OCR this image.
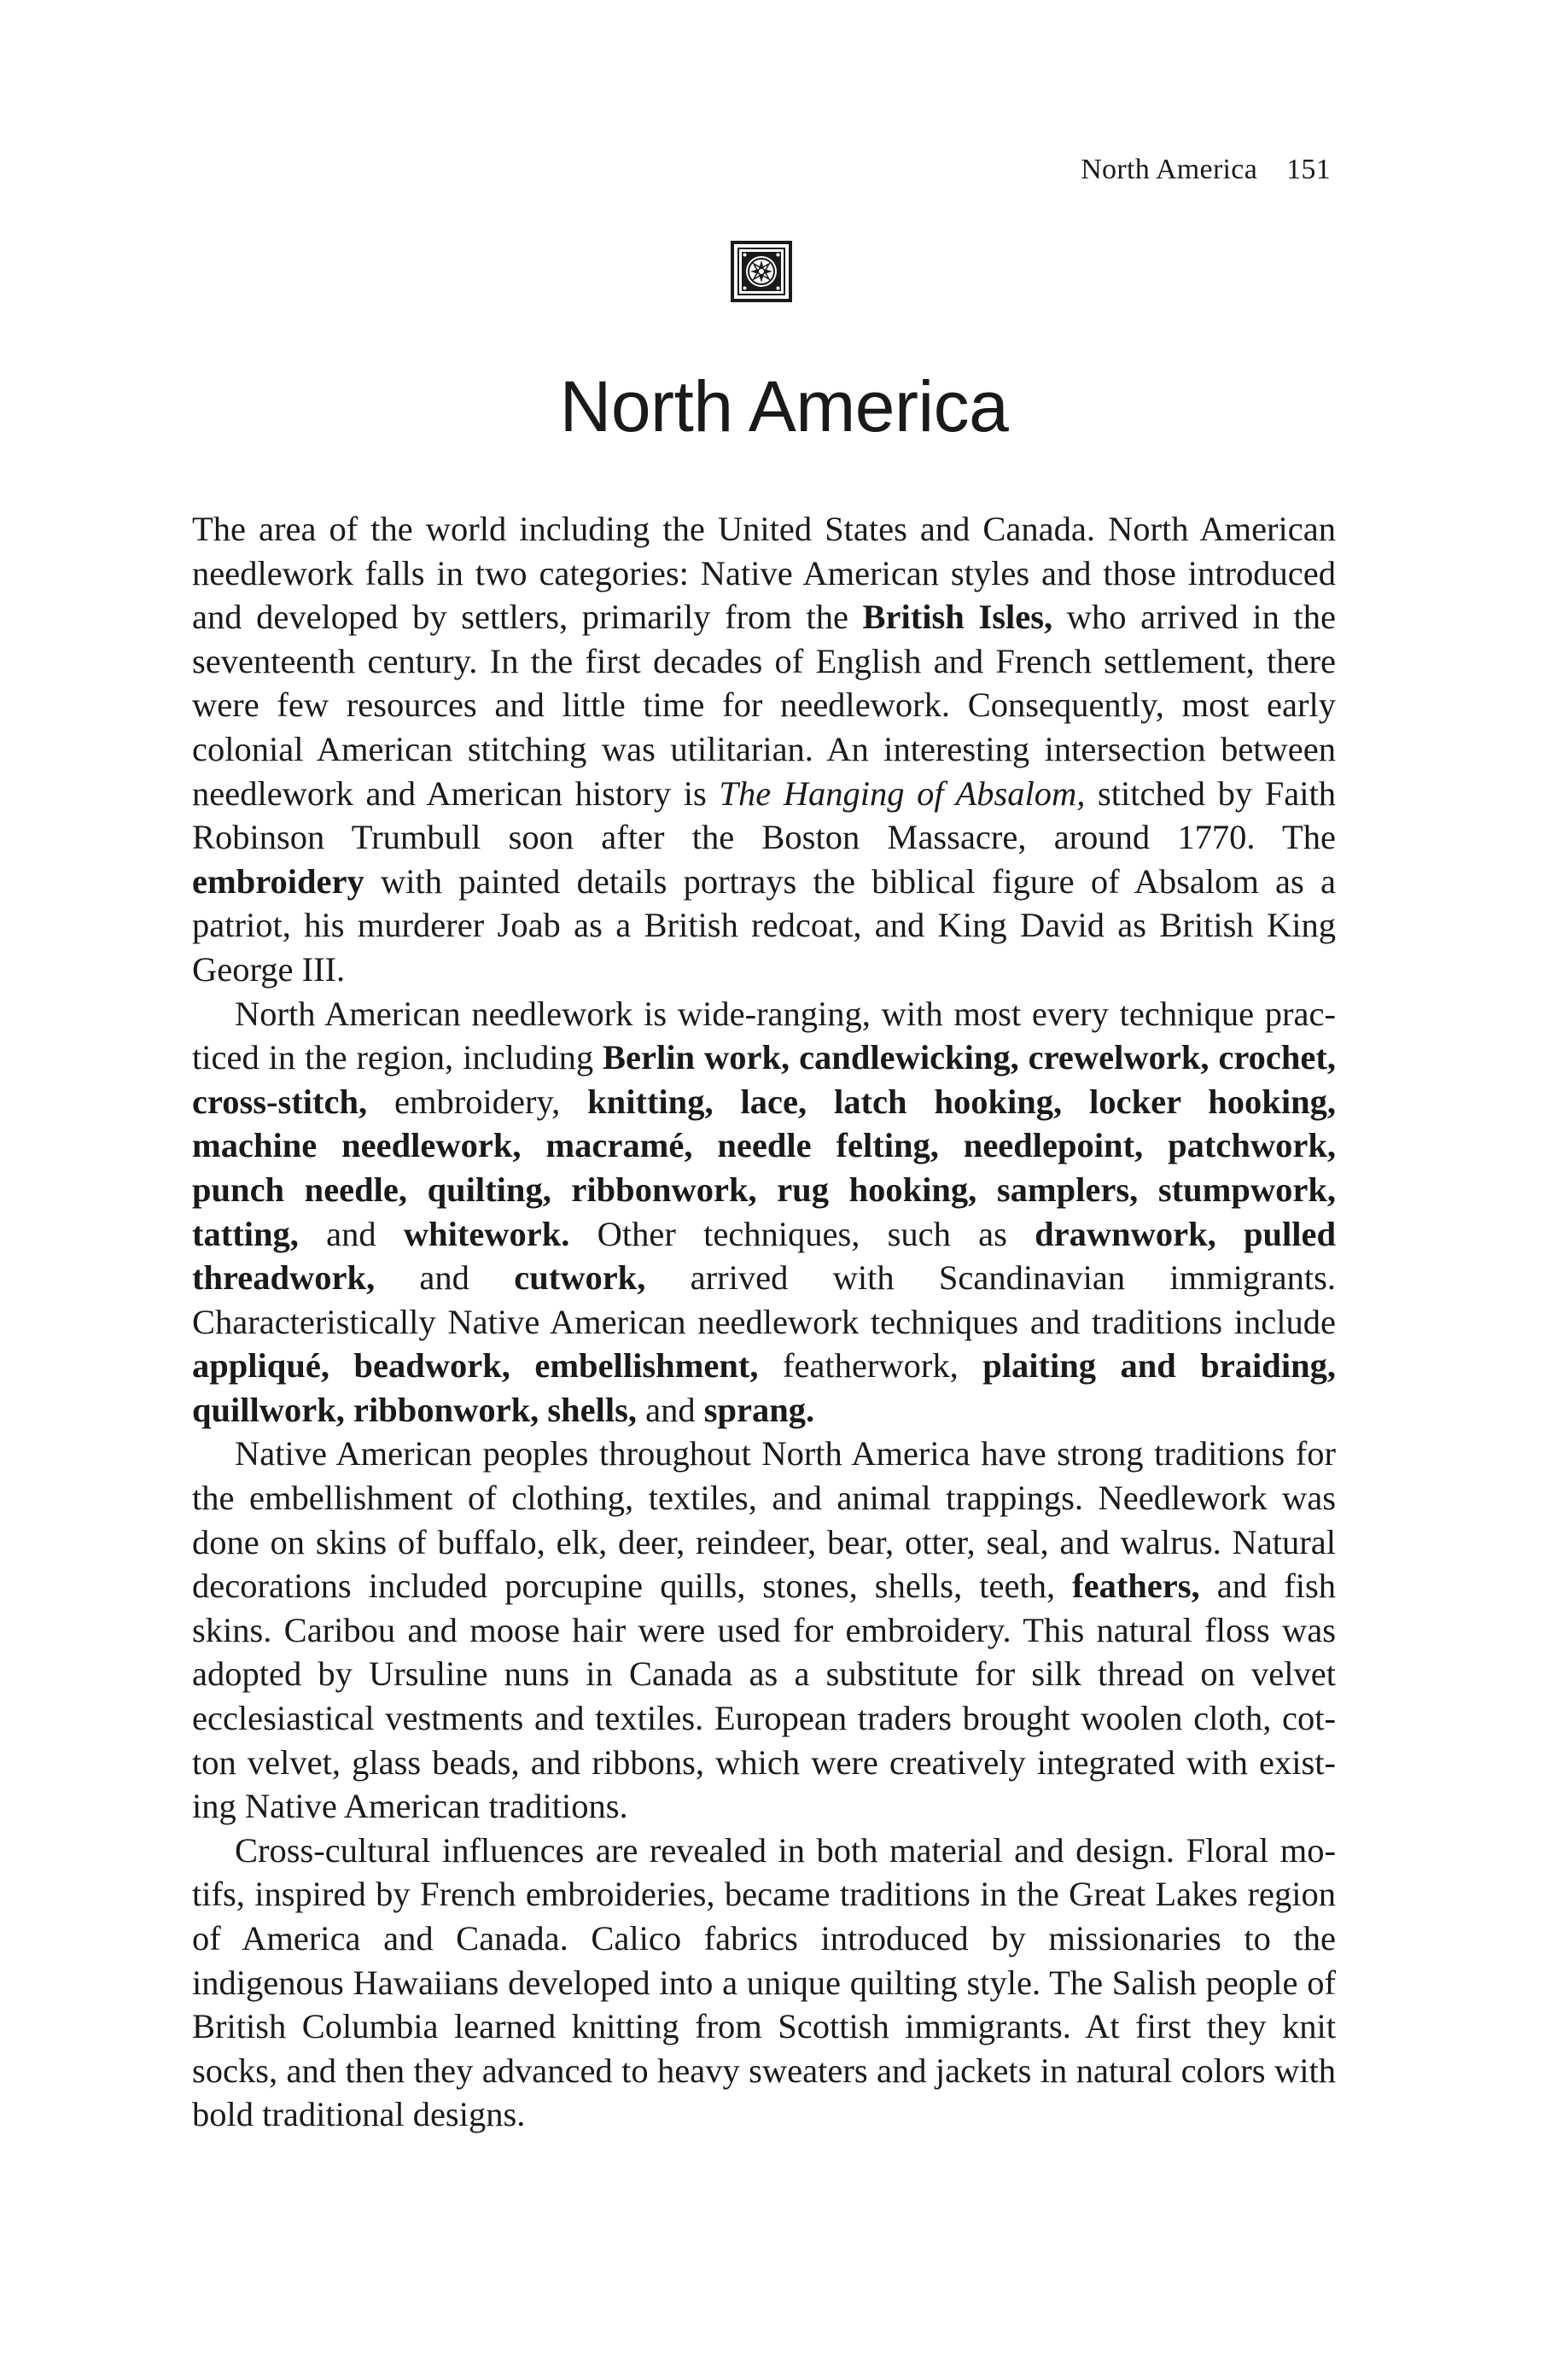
North America 151
North America

The area of the world including the United States and Canada. North American needlework falls in two categories: Native American styles and those introduced and developed by settlers, primarily from the British Isles, who arrived in the seventeenth century. In the first decades of English and French settlement, there were few resources and little time for needlework. Consequently, most early colonial American stitching was utilitarian. An interesting intersection between needlework and American history is The Hanging of Absalom, stitched by Faith Robinson Trumbull soon after the Boston Massacre, around 1770. The embroidery with painted details portrays the biblical figure of Absalom as a patriot, his murderer Joab as a British redcoat, and King David as British King George III.

North American needlework is wide-ranging, with most every technique practiced in the region, including Berlin work, candlewicking, crewelwork, crochet, cross-stitch, embroidery, knitting, lace, latch hooking, locker hooking, machine needlework, macramé, needle felting, needlepoint, patchwork, punch needle, quilting, ribbonwork, rug hooking, samplers, stumpwork, tatting, and whitework. Other techniques, such as drawnwork, pulled threadwork, and cutwork, arrived with Scandinavian immigrants. Characteristically Native American needlework techniques and traditions include appliqué, beadwork, embellishment, featherwork, plaiting and braiding, quillwork, ribbonwork, shells, and sprang.

Native American peoples throughout North America have strong traditions for the embellishment of clothing, textiles, and animal trappings. Needlework was done on skins of buffalo, elk, deer, reindeer, bear, otter, seal, and walrus. Natural decorations included porcupine quills, stones, shells, teeth, feathers, and fish skins. Caribou and moose hair were used for embroidery. This natural floss was adopted by Ursuline nuns in Canada as a substitute for silk thread on velvet ecclesiastical vestments and textiles. European traders brought woolen cloth, cotton velvet, glass beads, and ribbons, which were creatively integrated with existing Native American traditions.

Cross-cultural influences are revealed in both material and design. Floral motifs, inspired by French embroideries, became traditions in the Great Lakes region of America and Canada. Calico fabrics introduced by missionaries to the indigenous Hawaiians developed into a unique quilting style. The Salish people of British Columbia learned knitting from Scottish immigrants. At first they knit socks, and then they advanced to heavy sweaters and jackets in natural colors with bold traditional designs.
